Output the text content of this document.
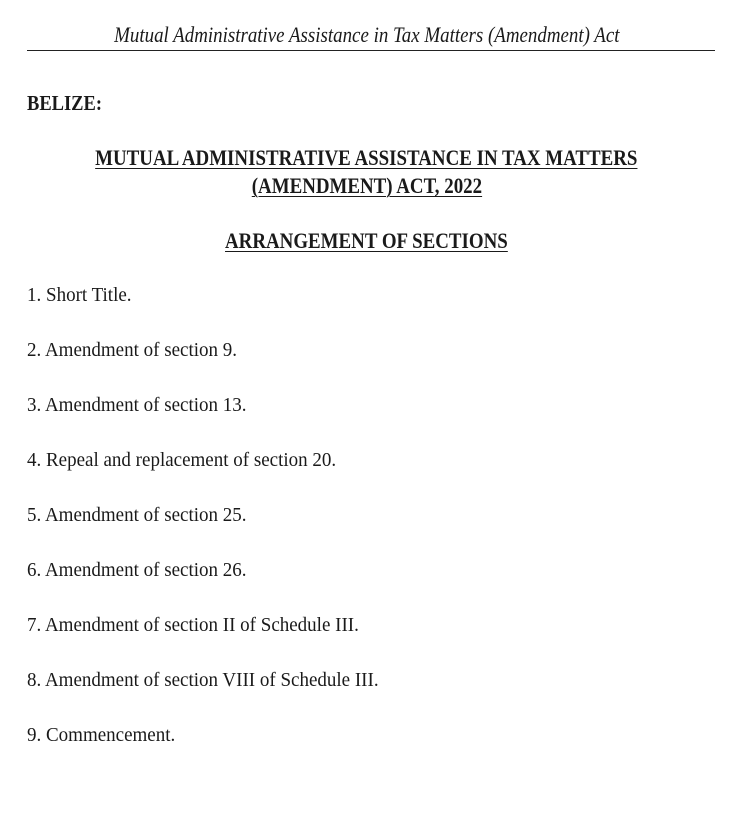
Mutual Administrative Assistance in Tax Matters (Amendment) Act
BELIZE:
MUTUAL ADMINISTRATIVE ASSISTANCE IN TAX MATTERS
(AMENDMENT) ACT, 2022
ARRANGEMENT OF SECTIONS
1. Short Title.
2. Amendment of section 9.
3. Amendment of section 13.
4. Repeal and replacement of section 20.
5. Amendment of section 25.
6. Amendment of section 26.
7. Amendment of section II of Schedule III.
8. Amendment of section VIII of Schedule III.
9. Commencement.
